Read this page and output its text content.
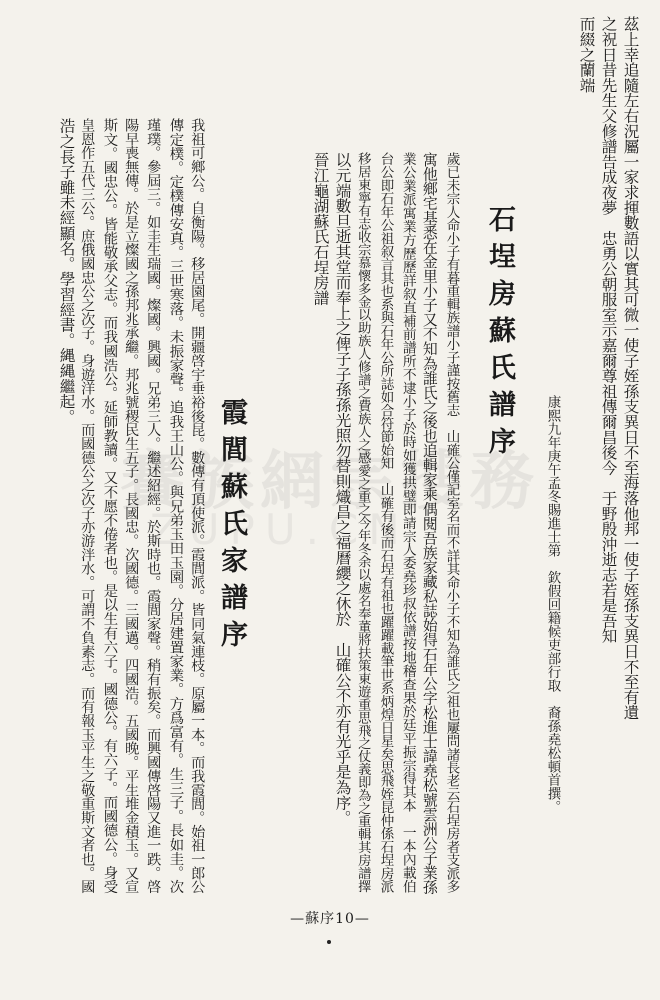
賽族網宗搜務
ZUPU.CN	茲上幸追隨左右況屬一家求揮數語以實其可微一使子姪孫支異日不至海落他邦一使子姪孫支異日不至有遺
之祝日昔先生父修譜告成夜夢　忠勇公朝服室示嘉爾尊祖傳爾昌後今　于野殷沖逝志若是吾知
而綴之蘭端
康熙九年庚午孟冬賜進士第　欽假回籍候吏部行取　裔孫堯松頓首撰。
石埕房蘇氏譜序
歲已未宗人命小子有暮重輯族譜小子謹按舊志　山確公僅記室名而不詳其命小子不知為誰氏之祖也屢問諸長老云石埕房者支派多
寓他鄉宅基悉在金里小子又不知為誰氏之後也追輯家乘偶閱吾族家藏私誌始得石年公字松進士諱堯松號雲洲公子業孫
業公業派寓業方歷歷詳叙直補前譜所不逮小子於時如獲拱璧即請宗人委堯珍叔依譜按地稽查果於廷平振宗得其本　一本內載伯
台公即石年公祖叙言其也系與石年公所誌如合符節始知　山確有後而石埕有祖也躍躍載筆世系炳煌日星矣思飛姪昆仲係石埕房派
移居東寧有志收宗慕懷多金以助族人修譜之費族人之感愛之重之今年冬余以處名奉董將扶策東遊重思飛之仗義即為之重輯其房譜擇
以元端數旦逝其堂而奉上之俾子子孫孫光照勿替則熾昌之福曆纓之休於　山確公不亦有光乎是為序。
晉江龜湖蘇氏石埕房譜
霞閭蘇氏家譜序
我祖可鄉公。自衡陽。移居園尾。開疆啓宇垂裕後昆。數傳有頂使派。霞閭派。皆同氣連枝。原屬一本。而我霞閭。始祖一郎公
傳定樸。定樸傳安真。三世寒落。未振家聲。追我王山公。與兄弟玉田玉園。分居建置家業。方爲富有。生三子。長如圭。次
瑾璞。參屆三。如圭生瑞國。燦國。興國。兄弟三人。繼述紹經。於斯時也。霞閭家聲。稍有振矣。而興國傳啓陽又進一跌。啓
陽早喪無傳。於是立燦國之孫邦兆承繼。邦兆號稷民生五子。長國忠。次國德。三國邁。四國浩。五國晚。平生堆金積玉。又宣
斯文。國忠公。皆能敬承父志。而我國浩公。延師教讀。又不愿不倦者也。是以生有六子。國德公。有六子。而國德公。身受
皇恩作五代三公。庶俄國忠公之次子。身遊洋水。而國德公之次子亦游泮水。可謂不負素志。而有報玉平生之敬重斯文者也。國
浩之長子雖未經顯名。學習經書。縄縄繼起。
—蘇序10—
